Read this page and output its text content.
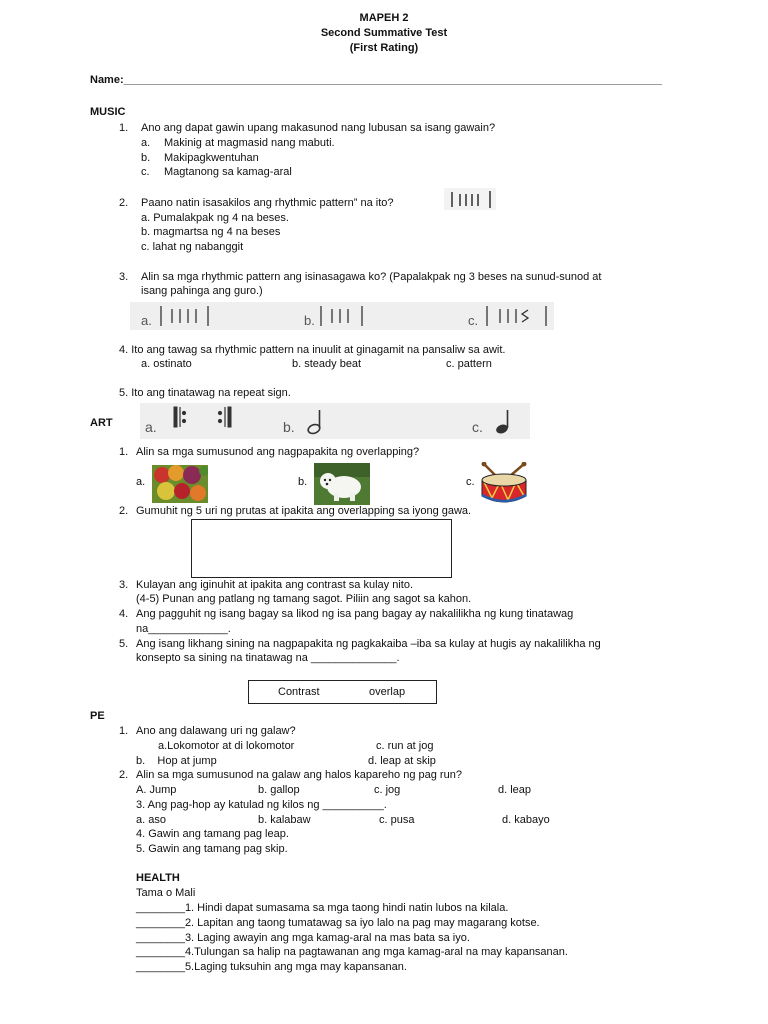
MAPEH 2
Second Summative Test
(First Rating)
Name:________________________________________________________________________________________
MUSIC
1. Ano ang dapat gawin upang makasunod nang lubusan sa isang gawain?
a. Makinig at magmasid nang mabuti.
b. Makipagkwentuhan
c. Magtanong sa kamag-aral
2. Paano natin isasakilos ang rhythmic pattern” na ito?
a. Pumalakpak ng 4 na beses.
b. magmartsa ng 4 na beses
c. lahat ng nabanggit
3. Alin sa mga rhythmic pattern ang isinasagawa ko? (Papalakpak ng 3 beses na sunud-sunod at
isang pahinga ang guro.)
a.	b.	c.
4. Ito ang tawag sa rhythmic pattern na inuulit at ginagamit na pansaliw sa awit.
a. ostinato	b. steady beat	c. pattern
5. Ito ang tinatawag na repeat sign.
a.	b.	c.
ART
1. Alin sa mga sumusunod ang nagpapakita ng overlapping?
a.	b.	c.
2. Gumuhit ng 5 uri ng prutas at ipakita ang overlapping sa iyong gawa.
3. Kulayan ang iginuhit at ipakita ang contrast sa kulay nito.
(4-5) Punan ang patlang ng tamang sagot. Piliin ang sagot sa kahon.
4. Ang pagguhit ng isang bagay sa likod ng isa pang bagay ay nakalilikha ng kung tinatawag
na_____________.
5. Ang isang likhang sining na nagpapakita ng pagkakaiba –iba sa kulay at hugis ay nakalilikha ng
konsepto sa sining na tinatawag na ______________.
Contrast	overlap
PE
1. Ano ang dalawang uri ng galaw?
a.Lokomotor at di lokomotor	c. run at jog
b.    Hop at jump	d. leap at skip
2. Alin sa mga sumusunod na galaw ang halos kapareho ng pag run?
A. Jump	b. gallop	c. jog	d. leap
3. Ang pag-hop ay katulad ng kilos ng __________.
a. aso	b. kalabaw	c. pusa	d. kabayo
4. Gawin ang tamang pag leap.
5. Gawin ang tamang pag skip.
HEALTH
Tama o Mali
________1. Hindi dapat sumasama sa mga taong hindi natin lubos na kilala.
________2. Lapitan ang taong tumatawag sa iyo lalo na pag may magarang kotse.
________3. Laging awayin ang mga kamag-aral na mas bata sa iyo.
________4.Tulungan sa halip na pagtawanan ang mga kamag-aral na may kapansanan.
________5.Laging tuksuhin ang mga may kapansanan.
